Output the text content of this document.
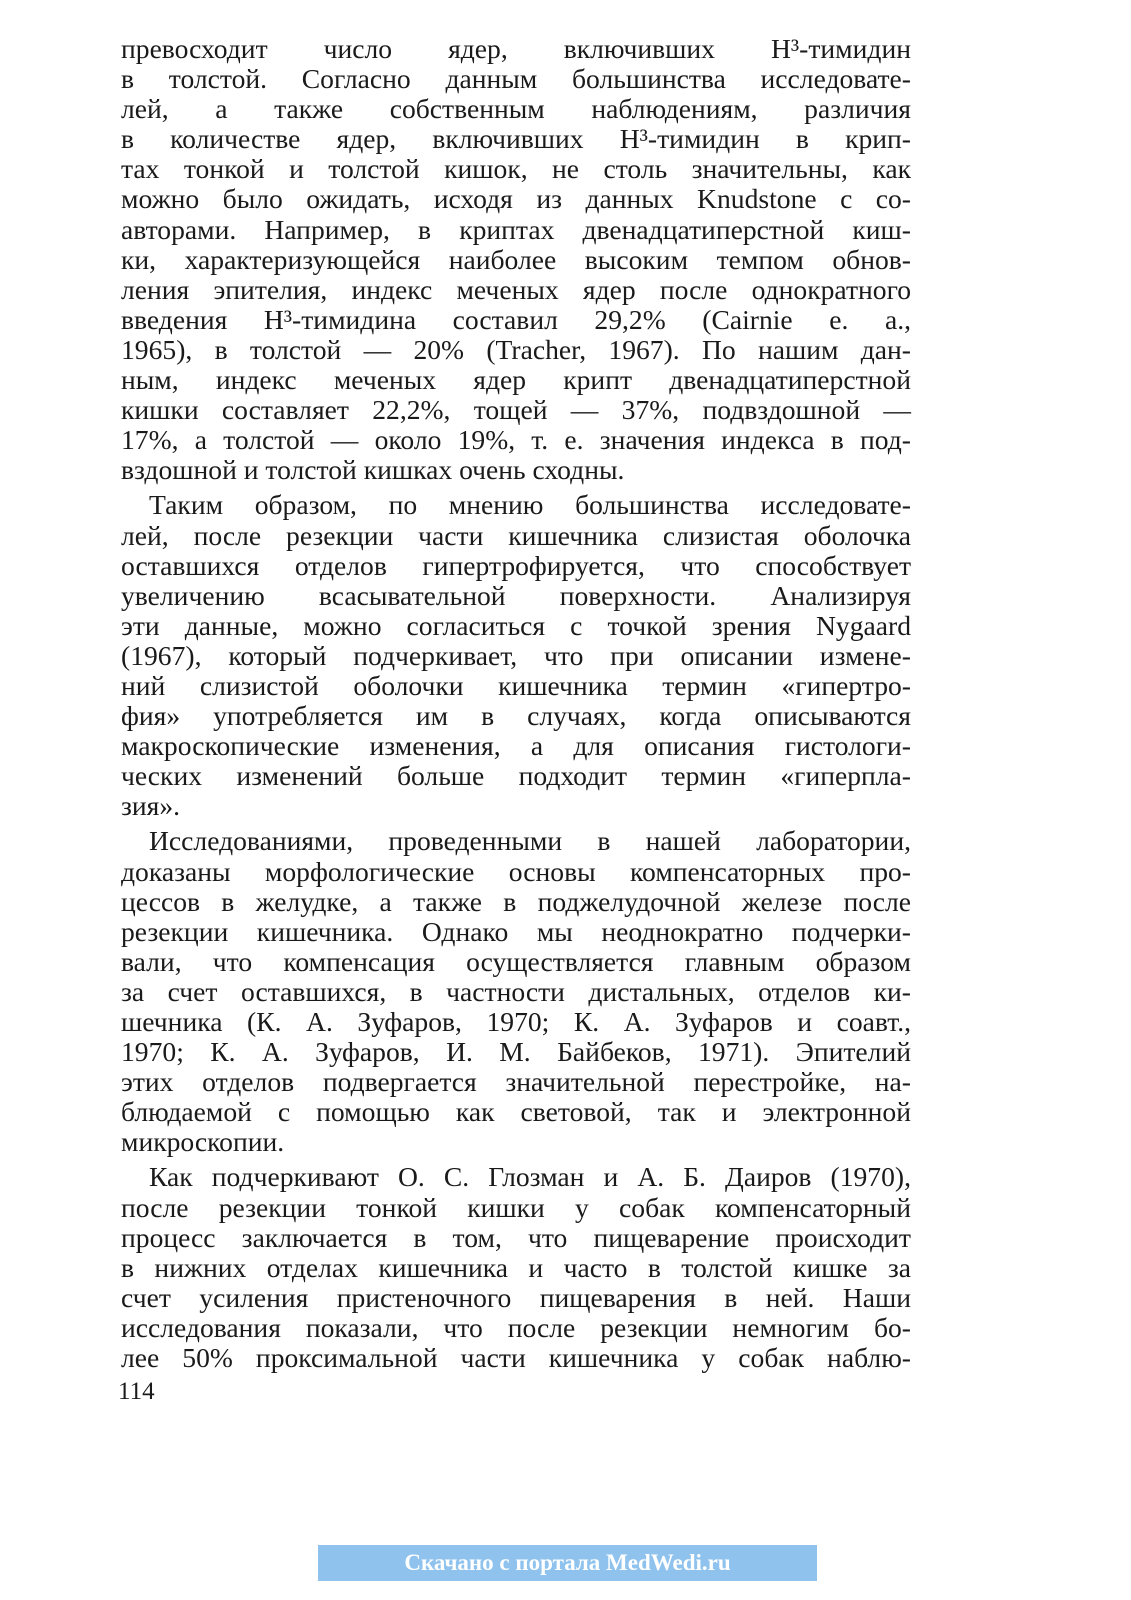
превосходит число ядер, включивших Н³-тимидин
в толстой. Согласно данным большинства исследовате-
лей, а также собственным наблюдениям, различия
в количестве ядер, включивших Н³-тимидин в крип-
тах тонкой и толстой кишок, не столь значительны, как
можно было ожидать, исходя из данных Knudstone с со-
авторами. Например, в криптах двенадцатиперстной киш-
ки, характеризующейся наиболее высоким темпом обнов-
ления эпителия, индекс меченых ядер после однократного
введения Н³-тимидина составил 29,2% (Cairnie е. а.,
1965), в толстой — 20% (Tracher, 1967). По нашим дан-
ным, индекс меченых ядер крипт двенадцатиперстной
кишки составляет 22,2%, тощей — 37%, подвздошной —
17%, а толстой — около 19%, т. е. значения индекса в под-
вздошной и толстой кишках очень сходны.
Таким образом, по мнению большинства исследовате-
лей, после резекции части кишечника слизистая оболочка
оставшихся отделов гипертрофируется, что способствует
увеличению всасывательной поверхности. Анализируя
эти данные, можно согласиться с точкой зрения Nygaard
(1967), который подчеркивает, что при описании измене-
ний слизистой оболочки кишечника термин «гипертро-
фия» употребляется им в случаях, когда описываются
макроскопические изменения, а для описания гистологи-
ческих изменений больше подходит термин «гиперпла-
зия».
Исследованиями, проведенными в нашей лаборатории,
доказаны морфологические основы компенсаторных про-
цессов в желудке, а также в поджелудочной железе после
резекции кишечника. Однако мы неоднократно подчерки-
вали, что компенсация осуществляется главным образом
за счет оставшихся, в частности дистальных, отделов ки-
шечника (К. А. Зуфаров, 1970; К. А. Зуфаров и соавт.,
1970; К. А. Зуфаров, И. М. Байбеков, 1971). Эпителий
этих отделов подвергается значительной перестройке, на-
блюдаемой с помощью как световой, так и электронной
микроскопии.
Как подчеркивают О. С. Глозман и А. Б. Даиров (1970),
после резекции тонкой кишки у собак компенсаторный
процесс заключается в том, что пищеварение происходит
в нижних отделах кишечника и часто в толстой кишке за
счет усиления пристеночного пищеварения в ней. Наши
исследования показали, что после резекции немногим бо-
лее 50% проксимальной части кишечника у собак наблю-
114
Скачано с портала MedWedi.ru
